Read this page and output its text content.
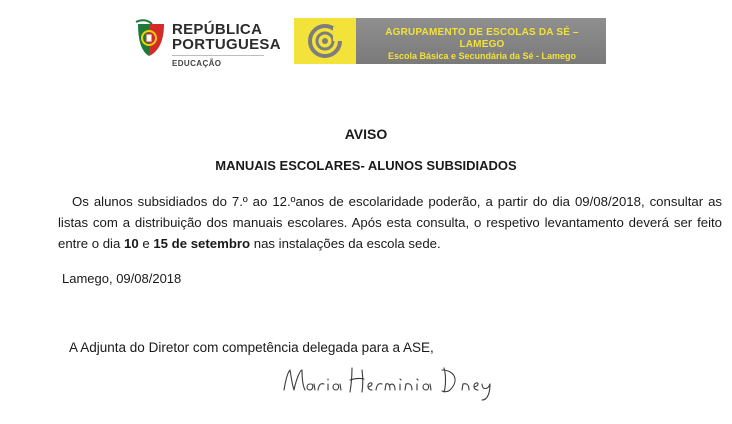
REPÚBLICA
PORTUGUESA
EDUCAÇÃO
AGRUPAMENTO DE ESCOLAS DA SÉ – LAMEGO
Escola Básica e Secundária da Sé - Lamego
AVISO
MANUAIS ESCOLARES- ALUNOS SUBSIDIADOS
Os alunos subsidiados do 7.º ao 12.ºanos de escolaridade poderão, a partir do dia 09/08/2018, consultar as listas com a distribuição dos manuais escolares. Após esta consulta, o respetivo levantamento deverá ser feito entre o dia 10 e 15 de setembro nas instalações da escola sede.
Lamego, 09/08/2018
A Adjunta do Diretor com competência delegada para a ASE,
